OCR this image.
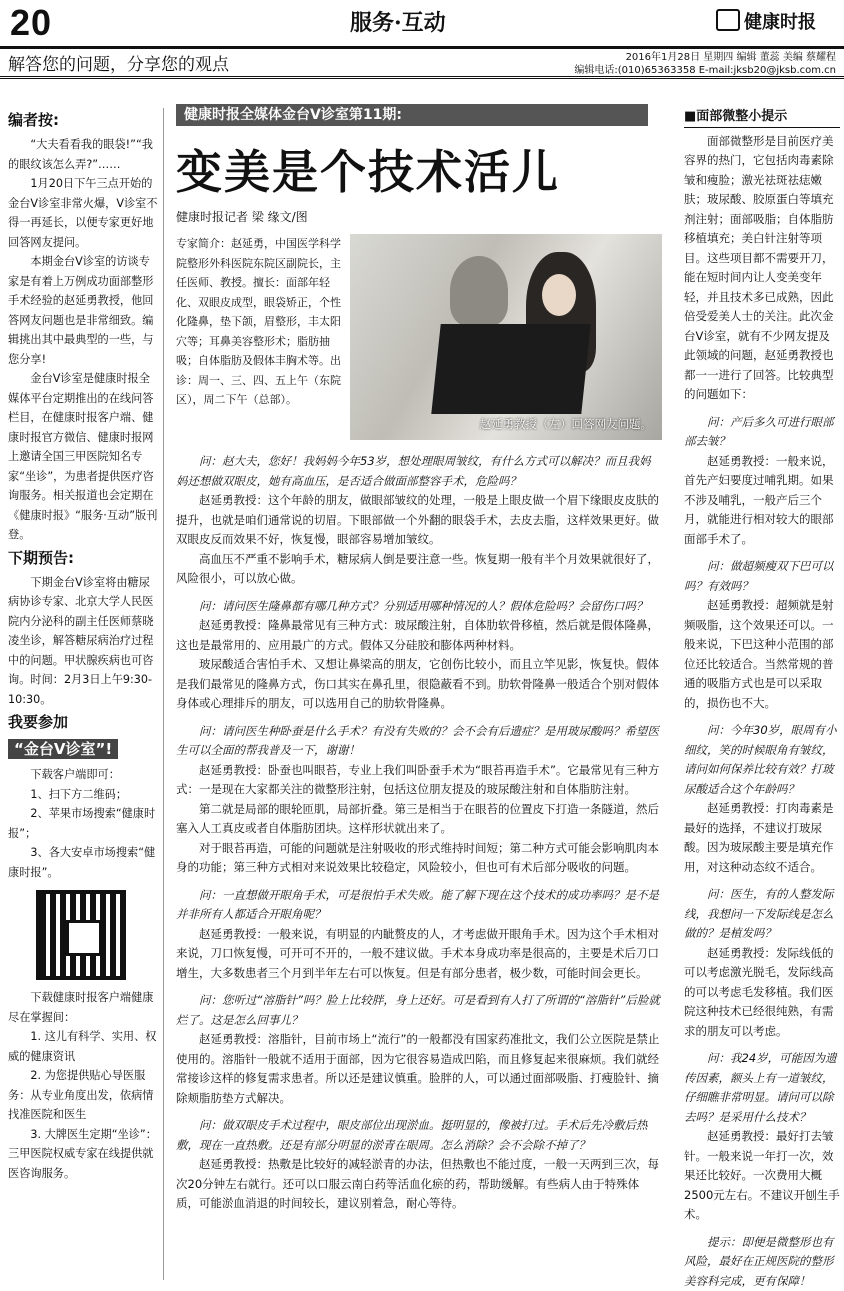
20	服务·互动	健康时报
解答您的问题，分享您的观点	2016年1月28日 星期四 编辑 董蕊 美编 蔡耀程
编辑电话:(010)65363358 E-mail:jksb20@jksb.com.cn
编者按:

“大夫看看我的眼袋!”“我的眼纹该怎么弄?”……

1月20日下午三点开始的金台V诊室非常火爆，V诊室不得一再延长，以便专家更好地回答网友提问。

本期金台V诊室的访谈专家是有着上万例成功面部整形手术经验的赵延勇教授，他回答网友问题也是非常细致。编辑挑出其中最典型的一些，与您分享!

金台V诊室是健康时报全媒体平台定期推出的在线问答栏目，在健康时报客户端、健康时报官方微信、健康时报网上邀请全国三甲医院知名专家“坐诊”，为患者提供医疗咨询服务。相关报道也会定期在《健康时报》“服务·互动”版刊登。

下期预告:

下期金台V诊室将由糖尿病协诊专家、北京大学人民医院内分泌科的副主任医师蔡晓凌坐诊，解答糖尿病治疗过程中的问题。甲状腺疾病也可咨询。时间：2月3日上午9:30-10:30。

我要参加
“金台V诊室”!

下载客户端即可：

1、扫下方二维码；

2、苹果市场搜索“健康时报”；

3、各大安卓市场搜索“健康时报”。

下载健康时报客户端健康尽在掌握间：

1. 这儿有科学、实用、权威的健康资讯

2. 为您提供贴心导医服务：从专业角度出发，依病情找准医院和医生

3. 大牌医生定期“坐诊”：三甲医院权威专家在线提供就医咨询服务。

健康时报全媒体金台V诊室第11期:
变美是个技术活儿
健康时报记者 梁 缘文/图
专家简介：赵延勇，中国医学科学院整形外科医院东院区副院长，主任医师、教授。擅长：面部年轻化、双眼皮成型，眼袋矫正，个性化隆鼻，垫下颌，眉整形，丰太阳穴等；耳鼻美容整形术；脂肪抽吸；自体脂肪及假体丰胸术等。出诊：周一、三、四、五上午（东院区），周二下午（总部）。
赵延勇教授（左）回答网友问题。

问：赵大夫，您好！我妈妈今年53岁，想处理眼周皱纹，有什么方式可以解决？而且我妈妈还想做双眼皮，她有高血压，是否适合做面部整容手术，危险吗？

赵延勇教授：这个年龄的朋友，做眼部皱纹的处理，一般是上眼皮做一个眉下缘眼皮皮肤的提升，也就是咱们通常说的切眉。下眼部做一个外翻的眼袋手术，去皮去脂，这样效果更好。做双眼皮反而效果不好，恢复慢，眼部容易增加皱纹。

高血压不严重不影响手术，糖尿病人倒是要注意一些。恢复期一般有半个月效果就很好了，风险很小，可以放心做。

问：请问医生隆鼻都有哪几种方式？分别适用哪种情况的人？假体危险吗？会留伤口吗？

赵延勇教授：隆鼻最常见有三种方式：玻尿酸注射，自体肋软骨移植，然后就是假体隆鼻，这也是最常用的、应用最广的方式。假体又分硅胶和膨体两种材料。

玻尿酸适合害怕手术、又想让鼻梁高的朋友，它创伤比较小，而且立竿见影，恢复快。假体是我们最常见的隆鼻方式，伤口其实在鼻孔里，很隐蔽看不到。肋软骨隆鼻一般适合个别对假体身体或心理排斥的朋友，可以选用自己的肋软骨隆鼻。

问：请问医生种卧蚕是什么手术？有没有失败的？会不会有后遗症？是用玻尿酸吗？希望医生可以全面的帮我普及一下，谢谢！

赵延勇教授：卧蚕也叫眼苔，专业上我们叫卧蚕手术为“眼苔再造手术”。它最常见有三种方式：一是现在大家都关注的微整形注射，包括这位朋友提及的玻尿酸注射和自体脂肪注射。

第二就是局部的眼轮匝肌，局部折叠。第三是相当于在眼苔的位置皮下打造一条隧道，然后塞入人工真皮或者自体脂肪团块。这样形状就出来了。

对于眼苔再造，可能的问题就是注射吸收的形式维持时间短；第二种方式可能会影响肌肉本身的功能；第三种方式相对来说效果比较稳定，风险较小，但也可有术后部分吸收的问题。

问：一直想做开眼角手术，可是很怕手术失败。能了解下现在这个技术的成功率吗？是不是并非所有人都适合开眼角呢？

赵延勇教授：一般来说，有明显的内眦赘皮的人，才考虑做开眼角手术。因为这个手术相对来说，刀口恢复慢，可开可不开的，一般不建议做。手术本身成功率是很高的，主要是术后刀口增生，大多数患者三个月到半年左右可以恢复。但是有部分患者，极少数，可能时间会更长。

问：您听过“溶脂针”吗？脸上比较胖，身上还好。可是看到有人打了所谓的“溶脂针”后脸就烂了。这是怎么回事儿？

赵延勇教授：溶脂针，目前市场上“流行”的一般都没有国家药准批文，我们公立医院是禁止使用的。溶脂针一般就不适用于面部，因为它很容易造成凹陷，而且修复起来很麻烦。我们就经常接诊这样的修复需求患者。所以还是建议慎重。脸胖的人，可以通过面部吸脂、打瘦脸针、摘除颊脂肪垫方式解决。

问：做双眼皮手术过程中，眼皮部位出现淤血。挺明显的，像被打过。手术后先冷敷后热敷，现在一直热敷。还是有部分明显的淤青在眼周。怎么消除？会不会除不掉了？

赵延勇教授：热敷是比较好的减轻淤青的办法，但热敷也不能过度，一般一天两到三次，每次20分钟左右就行。还可以口服云南白药等活血化瘀的药，帮助缓解。有些病人由于特殊体质，可能淤血消退的时间较长，建议别着急，耐心等待。

■面部微整小提示

面部微整形是目前医疗美容界的热门，它包括肉毒素除皱和瘦脸；激光祛斑祛痣嫩肤；玻尿酸、胶原蛋白等填充剂注射；面部吸脂；自体脂肪移植填充；美白针注射等项目。这些项目都不需要开刀，能在短时间内让人变美变年轻，并且技术多已成熟，因此倍受爱美人士的关注。此次金台V诊室，就有不少网友提及此领域的问题，赵延勇教授也都一一进行了回答。比较典型的问题如下：

问：产后多久可进行眼部部去皱？

赵延勇教授：一般来说，首先产妇要度过哺乳期。如果不涉及哺乳，一般产后三个月，就能进行相对较大的眼部面部手术了。

问：做超频瘦双下巴可以吗？有效吗？

赵延勇教授：超频就是射频吸脂，这个效果还可以。一般来说，下巴这种小范围的部位还比较适合。当然常规的普通的吸脂方式也是可以采取的，损伤也不大。

问：今年30岁，眼周有小细纹，笑的时候眼角有皱纹，请问如何保养比较有效？打玻尿酸适合这个年龄吗？

赵延勇教授：打肉毒素是最好的选择，不建议打玻尿酸。因为玻尿酸主要是填充作用，对这种动态纹不适合。

问：医生，有的人整发际线，我想问一下发际线是怎么做的？是植发吗？

赵延勇教授：发际线低的可以考虑激光脱毛，发际线高的可以考虑毛发移植。我们医院这种技术已经很纯熟，有需求的朋友可以考虑。

问：我24岁，可能因为遗传因素，额头上有一道皱纹，仔细瞧非常明显。请问可以除去吗？是采用什么技术？

赵延勇教授：最好打去皱针。一般来说一年打一次，效果还比较好。一次费用大概2500元左右。不建议开刨生手术。

提示：即便是微整形也有风险，最好在正规医院的整形美容科完成，更有保障！
